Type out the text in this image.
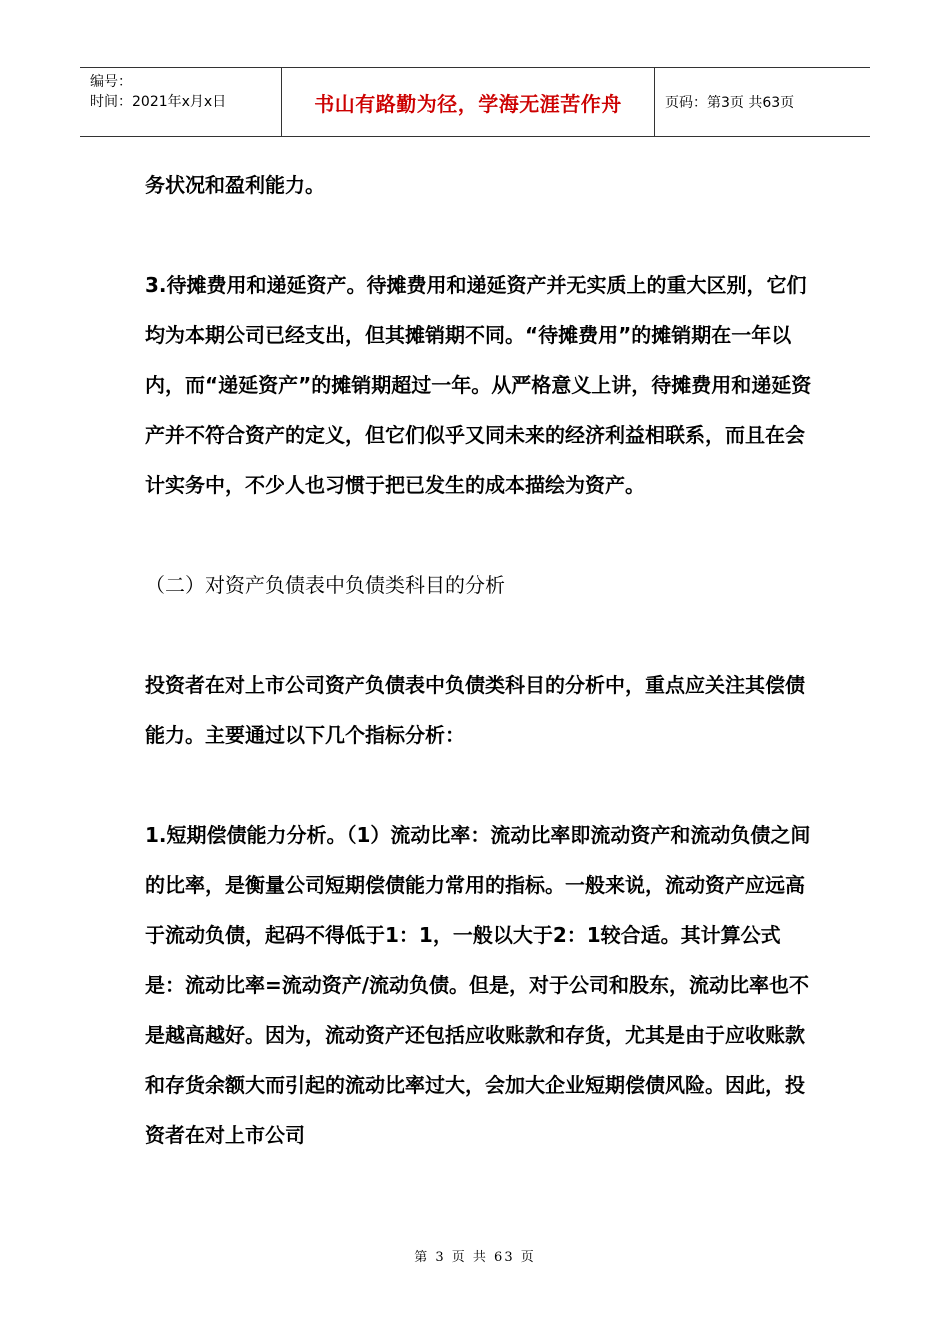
编号：
时间：2021年x月x日	书山有路勤为径，学海无涯苦作舟	页码：第3页 共63页

务状况和盈利能力。

3.待摊费用和递延资产。待摊费用和递延资产并无实质上的重大区别，它们均为本期公司已经支出，但其摊销期不同。“待摊费用”的摊销期在一年以内，而“递延资产”的摊销期超过一年。从严格意义上讲，待摊费用和递延资产并不符合资产的定义，但它们似乎又同未来的经济利益相联系，而且在会计实务中，不少人也习惯于把已发生的成本描绘为资产。

（二）对资产负债表中负债类科目的分析

投资者在对上市公司资产负债表中负债类科目的分析中，重点应关注其偿债能力。主要通过以下几个指标分析：

1.短期偿债能力分析。（1）流动比率：流动比率即流动资产和流动负债之间的比率，是衡量公司短期偿债能力常用的指标。一般来说，流动资产应远高于流动负债，起码不得低于1：1，一般以大于2：1较合适。其计算公式是：流动比率=流动资产/流动负债。但是，对于公司和股东，流动比率也不是越高越好。因为，流动资产还包括应收账款和存货，尤其是由于应收账款和存货余额大而引起的流动比率过大，会加大企业短期偿债风险。因此，投资者在对上市公司

第 3 页 共 63 页
